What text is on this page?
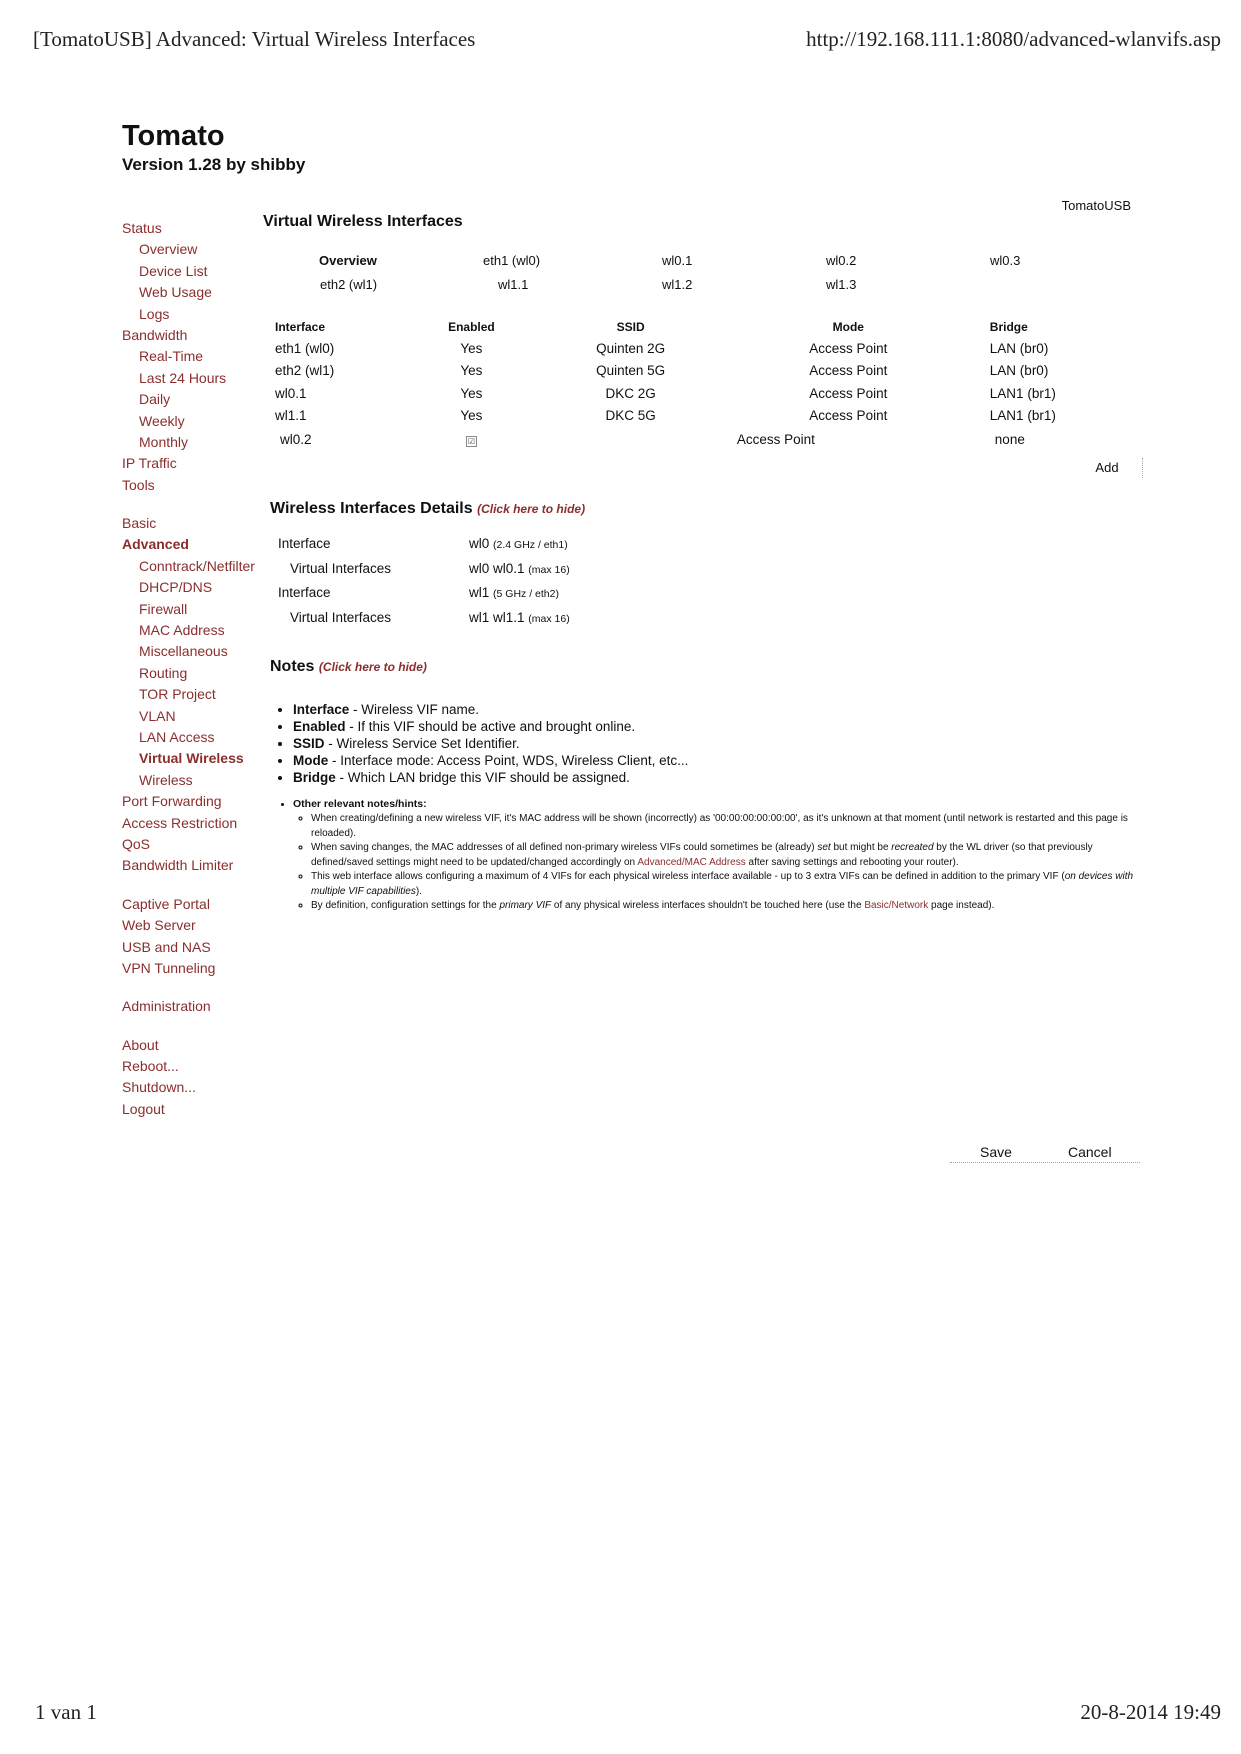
[TomatoUSB] Advanced: Virtual Wireless Interfaces	http://192.168.111.1:8080/advanced-wlanvifs.asp
Tomato
Version 1.28 by shibby
TomatoUSB
Status
Overview
Device List
Web Usage
Logs
Bandwidth
Real-Time
Last 24 Hours
Daily
Weekly
Monthly
IP Traffic
Tools
Basic
Advanced
Conntrack/Netfilter
DHCP/DNS
Firewall
MAC Address
Miscellaneous
Routing
TOR Project
VLAN
LAN Access
Virtual Wireless
Wireless
Port Forwarding
Access Restriction
QoS
Bandwidth Limiter
Captive Portal
Web Server
USB and NAS
VPN Tunneling
Administration
About
Reboot...
Shutdown...
Logout
Virtual Wireless Interfaces
Overview	eth1 (wl0)	wl0.1	wl0.2	wl0.3
eth2 (wl1)	wl1.1	wl1.2	wl1.3
Interface	Enabled	SSID	Mode	Bridge
eth1 (wl0)	Yes	Quinten 2G	Access Point	LAN (br0)
eth2 (wl1)	Yes	Quinten 5G	Access Point	LAN (br0)
wl0.1	Yes	DKC 2G	Access Point	LAN1 (br1)
wl1.1	Yes	DKC 5G	Access Point	LAN1 (br1)
wl0.2	☑		Access Point	none
Add
Wireless Interfaces Details (Click here to hide)
Interface	wl0 (2.4 GHz / eth1)
Virtual Interfaces	wl0 wl0.1 (max 16)
Interface	wl1 (5 GHz / eth2)
Virtual Interfaces	wl1 wl1.1 (max 16)
Notes (Click here to hide)
• Interface - Wireless VIF name.
• Enabled - If this VIF should be active and brought online.
• SSID - Wireless Service Set Identifier.
• Mode - Interface mode: Access Point, WDS, Wireless Client, etc...
• Bridge - Which LAN bridge this VIF should be assigned.
• Other relevant notes/hints:
◦ When creating/defining a new wireless VIF, it's MAC address will be shown (incorrectly) as '00:00:00:00:00:00', as it's unknown at that moment (until network is restarted and this page is reloaded).
◦ When saving changes, the MAC addresses of all defined non-primary wireless VIFs could sometimes be (already) set but might be recreated by the WL driver (so that previously defined/saved settings might need to be updated/changed accordingly on Advanced/MAC Address after saving settings and rebooting your router).
◦ This web interface allows configuring a maximum of 4 VIFs for each physical wireless interface available - up to 3 extra VIFs can be defined in addition to the primary VIF (on devices with multiple VIF capabilities).
◦ By definition, configuration settings for the primary VIF of any physical wireless interfaces shouldn't be touched here (use the Basic/Network page instead).
Save	Cancel
1 van 1	20-8-2014 19:49
